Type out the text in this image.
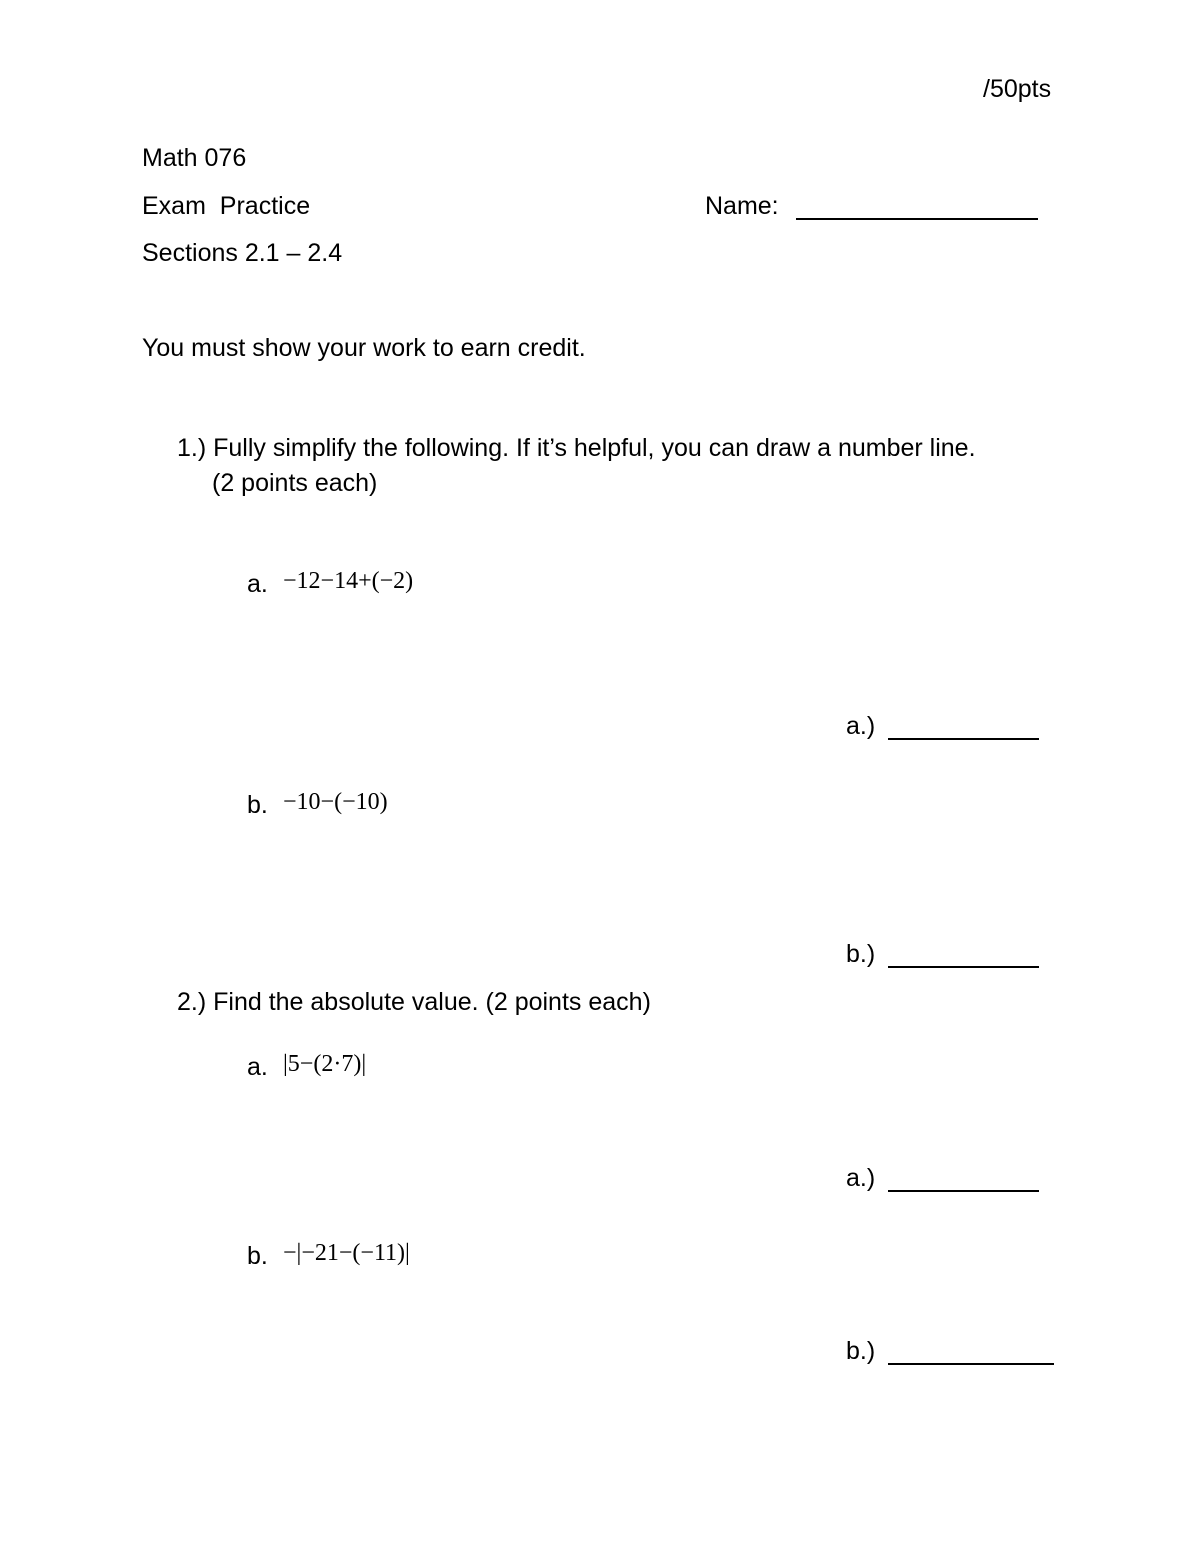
/50pts
Math 076
Exam  Practice	Name:
Sections 2.1 – 2.4
You must show your work to earn credit.
1.) Fully simplify the following. If it’s helpful, you can draw a number line.
(2 points each)
a. −12−14+(−2)
a.)
b. −10−(−10)
b.)
2.) Find the absolute value. (2 points each)
a. |5−(2·7)|
a.)
b. −|−21−(−11)|
b.)
